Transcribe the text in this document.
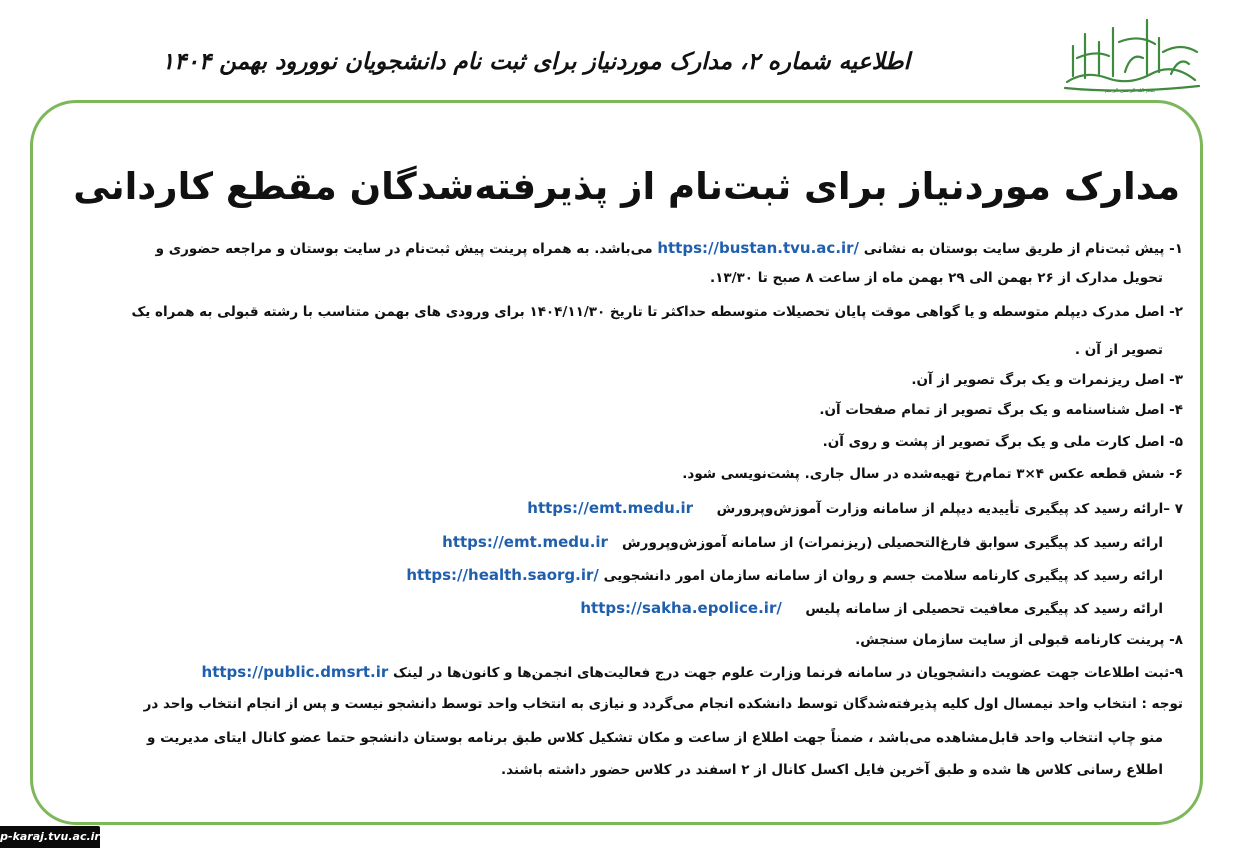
بسم الله الرحمن الرحیم
اطلاعیه شماره ۲، مدارک موردنیاز برای ثبت نام دانشجویان نوورود بهمن ۱۴۰۴
مدارک موردنیاز برای ثبت‌نام از پذیرفته‌شدگان مقطع کاردانی
۱- پیش ثبت‌نام از طریق سایت بوستان به نشانی https://bustan.tvu.ac.ir/ می‌باشد. به همراه پرینت پیش ثبت‌نام در سایت بوستان و مراجعه حضوری و
تحویل مدارک از ۲۶ بهمن الی ۲۹ بهمن ماه از ساعت ۸ صبح تا ۱۳/۳۰.
۲- اصل مدرک دیپلم متوسطه و یا گواهی موقت پایان تحصیلات متوسطه حداکثر تا تاریخ ۱۴۰۴/۱۱/۳۰ برای ورودی های بهمن متناسب با رشته قبولی به همراه یک
تصویر از آن .
۳- اصل ریزنمرات و یک برگ تصویر از آن.
۴- اصل شناسنامه و یک برگ تصویر از تمام صفحات آن.
۵- اصل کارت ملی و یک برگ تصویر از پشت و روی آن.
۶- شش قطعه عکس ۴×۳ تمام‌رخ تهیه‌شده در سال جاری. پشت‌نویسی شود.
۷ –ارائه رسید کد پیگیری تأییدیه دیپلم از سامانه وزارت آموزش‌وپرورش     https://emt.medu.ir
ارائه رسید کد پیگیری سوابق فارغ‌التحصیلی (ریزنمرات) از سامانه آموزش‌وپرورش   https://emt.medu.ir
ارائه رسید کد پیگیری کارنامه سلامت جسم و روان از سامانه سازمان امور دانشجویی https://health.saorg.ir/
ارائه رسید کد پیگیری معافیت تحصیلی از سامانه پلیس     https://sakha.epolice.ir/
۸- پرینت کارنامه قبولی از سایت سازمان سنجش.
۹-ثبت اطلاعات جهت عضویت دانشجویان در سامانه فرنما وزارت علوم جهت درج فعالیت‌های انجمن‌ها و کانون‌ها در لینک https://public.dmsrt.ir
توجه : انتخاب واحد نیمسال اول کلیه پذیرفته‌شدگان توسط دانشکده انجام می‌گردد و نیازی به انتخاب واحد توسط دانشجو نیست و پس از انجام انتخاب واحد در
منو چاپ انتخاب واحد قابل‌مشاهده می‌باشد ، ضمناً جهت اطلاع از ساعت و مکان تشکیل کلاس طبق برنامه بوستان دانشجو حتما عضو کانال ایتای مدیریت و
اطلاع رسانی کلاس ها شده و طبق آخرین فایل اکسل کانال از ۲ اسفند در کلاس حضور داشته باشند.
p-karaj.tvu.ac.ir
